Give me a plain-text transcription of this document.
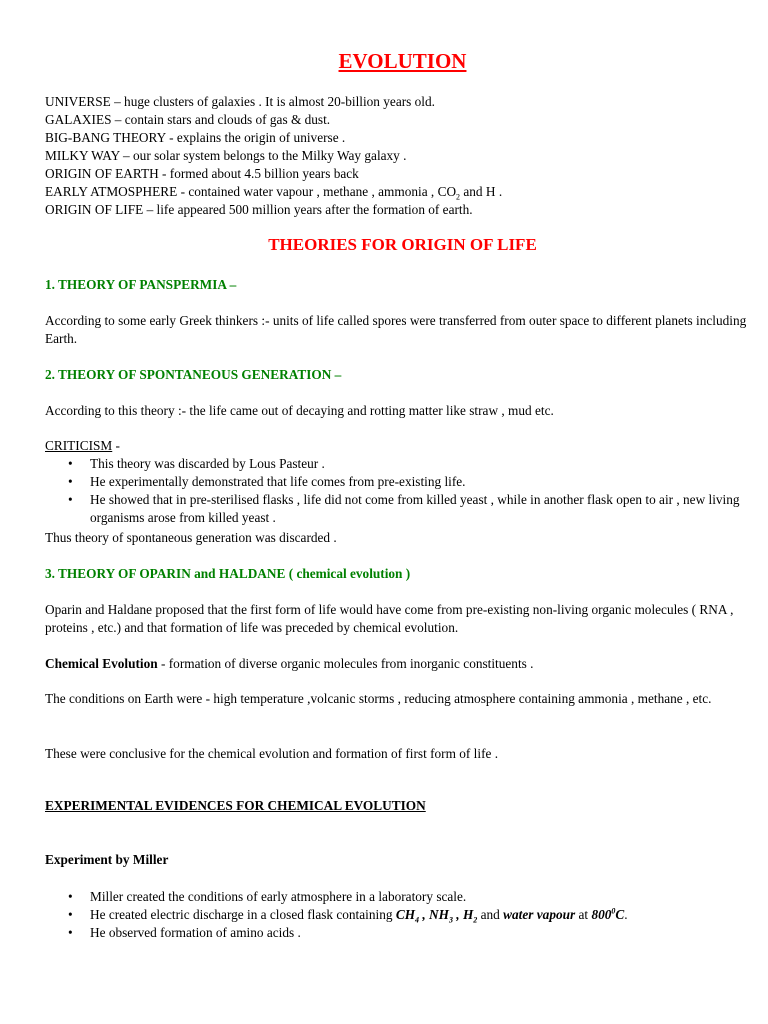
EVOLUTION
UNIVERSE – huge clusters of galaxies . It is almost 20-billion years old.
GALAXIES – contain stars and clouds of gas & dust.
BIG-BANG THEORY - explains the origin of universe .
MILKY WAY – our solar system belongs to the Milky Way galaxy .
ORIGIN OF EARTH - formed about 4.5 billion years back
EARLY ATMOSPHERE - contained water vapour , methane , ammonia , $CO_2$ and H .
ORIGIN OF LIFE – life appeared 500 million years after the formation of earth.
THEORIES FOR ORIGIN OF LIFE
1. THEORY OF PANSPERMIA –
According to some early Greek thinkers :- units of life called spores were transferred from outer space to different planets including Earth.
2. THEORY OF SPONTANEOUS GENERATION –
According to this theory :- the life came out of decaying and rotting matter like straw , mud etc.
CRITICISM -
• This theory was discarded by Lous Pasteur .
• He experimentally demonstrated that life comes from pre-existing life.
• He showed that in pre-sterilised flasks , life did not come from killed yeast , while in another flask open to air , new living organisms arose from killed yeast .
Thus theory of spontaneous generation was discarded .
3. THEORY OF OPARIN and HALDANE ( chemical evolution )
Oparin and Haldane proposed that the first form of life would have come from pre-existing non-living organic molecules ( RNA , proteins , etc.) and that formation of life was preceded by chemical evolution.
Chemical Evolution - formation of diverse organic molecules from inorganic constituents .
The conditions on Earth were - high temperature ,volcanic storms , reducing atmosphere containing ammonia , methane , etc.
These were conclusive for the chemical evolution and formation of first form of life .
EXPERIMENTAL EVIDENCES FOR CHEMICAL EVOLUTION
Experiment by Miller
• Miller created the conditions of early atmosphere in a laboratory scale.
• He created electric discharge in a closed flask containing $CH_4$ , $NH_3$ , $H_2$ and water vapour at $800^0C$.
• He observed formation of amino acids .
